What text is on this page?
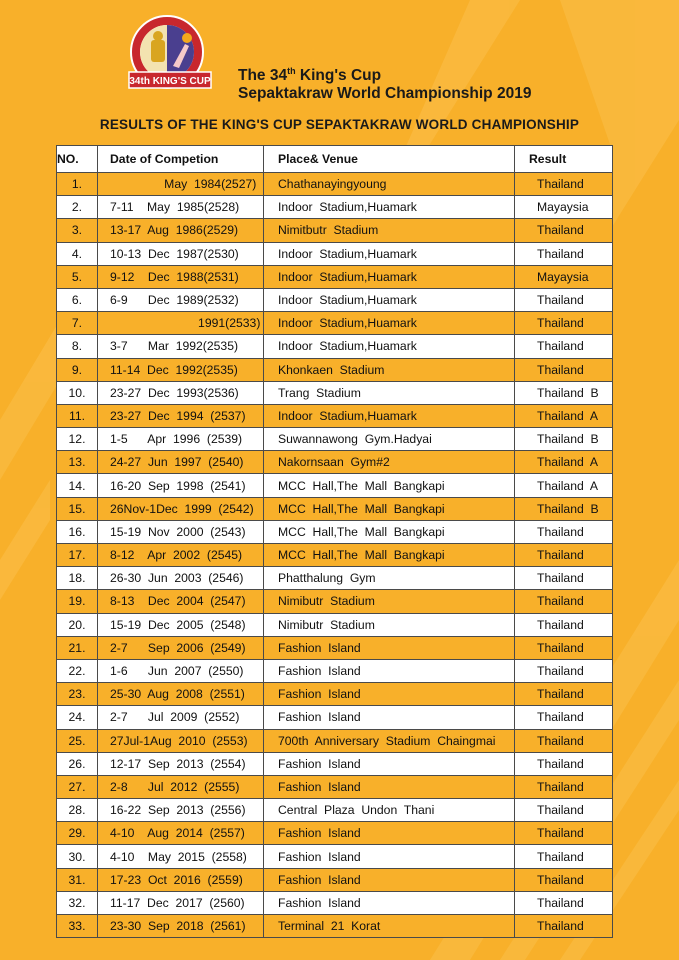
34th KING'S CUP The 34th King's Cup
Sepaktakraw World Championship 2019
RESULTS OF THE KING'S CUP SEPAKTAKRAW WORLD CHAMPIONSHIP
NO.	Date of Competion	Place& Venue	Result
1.	May  1984(2527)	Chathanayingyoung	Thailand
2.	7-11    May  1985(2528)	Indoor  Stadium,Huamark	Mayaysia
3.	13-17  Aug  1986(2529)	Nimitbutr  Stadium	Thailand
4.	10-13  Dec  1987(2530)	Indoor  Stadium,Huamark	Thailand
5.	9-12    Dec  1988(2531)	Indoor  Stadium,Huamark	Mayaysia
6.	6-9      Dec  1989(2532)	Indoor  Stadium,Huamark	Thailand
7.	1991(2533)	Indoor  Stadium,Huamark	Thailand
8.	3-7      Mar  1992(2535)	Indoor  Stadium,Huamark	Thailand
9.	11-14  Dec  1992(2535)	Khonkaen  Stadium	Thailand
10.	23-27  Dec  1993(2536)	Trang  Stadium	Thailand  B
11.	23-27  Dec  1994  (2537)	Indoor  Stadium,Huamark	Thailand  A
12.	1-5      Apr  1996  (2539)	Suwannawong  Gym.Hadyai	Thailand  B
13.	24-27  Jun  1997  (2540)	Nakornsaan  Gym#2	Thailand  A
14.	16-20  Sep  1998  (2541)	MCC  Hall,The  Mall  Bangkapi	Thailand  A
15.	26Nov-1Dec  1999  (2542)	MCC  Hall,The  Mall  Bangkapi	Thailand  B
16.	15-19  Nov  2000  (2543)	MCC  Hall,The  Mall  Bangkapi	Thailand
17.	8-12    Apr  2002  (2545)	MCC  Hall,The  Mall  Bangkapi	Thailand
18.	26-30  Jun  2003  (2546)	Phatthalung  Gym	Thailand
19.	8-13    Dec  2004  (2547)	Nimibutr  Stadium	Thailand
20.	15-19  Dec  2005  (2548)	Nimibutr  Stadium	Thailand
21.	2-7      Sep  2006  (2549)	Fashion  Island	Thailand
22.	1-6      Jun  2007  (2550)	Fashion  Island	Thailand
23.	25-30  Aug  2008  (2551)	Fashion  Island	Thailand
24.	2-7      Jul  2009  (2552)	Fashion  Island	Thailand
25.	27Jul-1Aug  2010  (2553)	700th  Anniversary  Stadium  Chaingmai	Thailand
26.	12-17  Sep  2013  (2554)	Fashion  Island	Thailand
27.	2-8      Jul  2012  (2555)	Fashion  Island	Thailand
28.	16-22  Sep  2013  (2556)	Central  Plaza  Undon  Thani	Thailand
29.	4-10    Aug  2014  (2557)	Fashion  Island	Thailand
30.	4-10    May  2015  (2558)	Fashion  Island	Thailand
31.	17-23  Oct  2016  (2559)	Fashion  Island	Thailand
32.	11-17  Dec  2017  (2560)	Fashion  Island	Thailand
33.	23-30  Sep  2018  (2561)	Terminal  21  Korat	Thailand
